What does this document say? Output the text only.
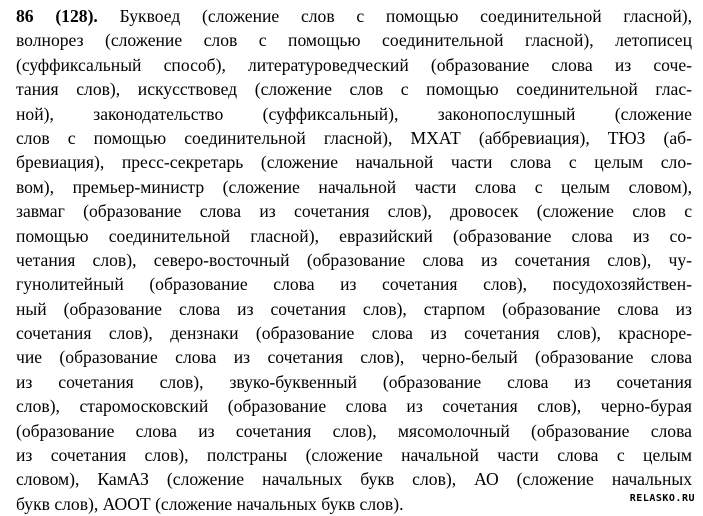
86 (128). Буквоед (сложение слов с помощью соединительной гласной),
волнорез (сложение слов с помощью соединительной гласной), летописец
(суффиксальный способ), литературоведческий (образование слова из соче-
тания слов), искусствовед (сложение слов с помощью соединительной глас-
ной), законодательство (суффиксальный), законопослушный (сложение
слов с помощью соединительной гласной), МХАТ (аббревиация), ТЮЗ (аб-
бревиация), пресс-секретарь (сложение начальной части слова с целым сло-
вом), премьер-министр (сложение начальной части слова с целым словом),
завмаг (образование слова из сочетания слов), дровосек (сложение слов с
помощью соединительной гласной), евразийский (образование слова из со-
четания слов), северо-восточный (образование слова из сочетания слов), чу-
гунолитейный (образование слова из сочетания слов), посудохозяйствен-
ный (образование слова из сочетания слов), старпом (образование слова из
сочетания слов), дензнаки (образование слова из сочетания слов), красноре-
чие (образование слова из сочетания слов), черно-белый (образование слова
из сочетания слов), звуко-буквенный (образование слова из сочетания
слов), старомосковский (образование слова из сочетания слов), черно-бурая
(образование слова из сочетания слов), мясомолочный (образование слова
из сочетания слов), полстраны (сложение начальной части слова с целым
словом), КамАЗ (сложение начальных букв слов), АО (сложение начальных
букв слов), АООТ (сложение начальных букв слов).	RELASKO.RU
